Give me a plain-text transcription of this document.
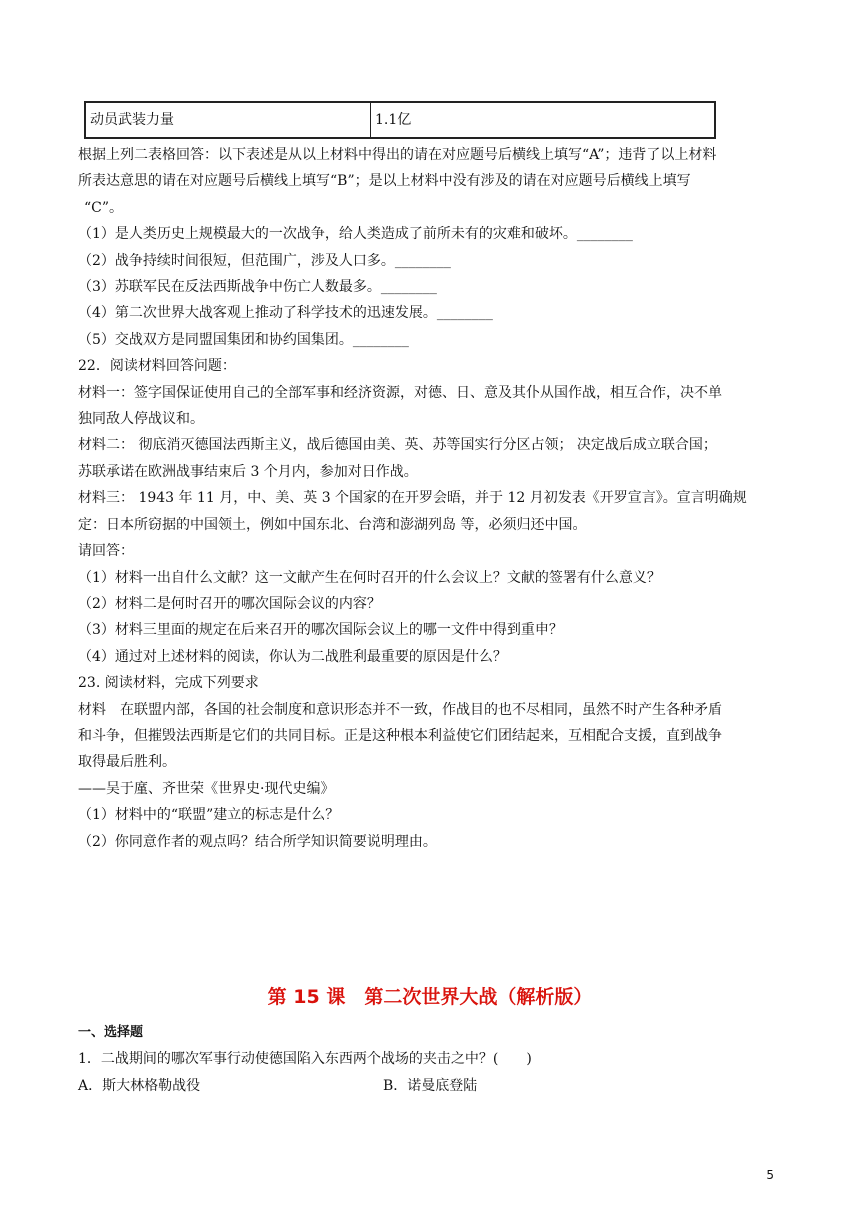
动员武装力量	1.1亿

根据上列二表格回答：以下表述是从以上材料中得出的请在对应题号后横线上填写“A”；违背了以上材料

所表达意思的请在对应题号后横线上填写“B”；是以上材料中没有涉及的请在对应题号后横线上填写

“C”。

（1）是人类历史上规模最大的一次战争，给人类造成了前所未有的灾难和破坏。________

（2）战争持续时间很短，但范围广，涉及人口多。________

（3）苏联军民在反法西斯战争中伤亡人数最多。________

（4）第二次世界大战客观上推动了科学技术的迅速发展。________

（5）交战双方是同盟国集团和协约国集团。________

22．阅读材料回答问题：

材料一：签字国保证使用自己的全部军事和经济资源，对德、日、意及其仆从国作战，相互合作，决不单

独同敌人停战议和。

材料二： 彻底消灭德国法西斯主义，战后德国由美、英、苏等国实行分区占领； 决定战后成立联合国；

苏联承诺在欧洲战事结束后 3 个月内，参加对日作战。

材料三： 1943 年 11 月，中、美、英 3 个国家的在开罗会晤，并于 12 月初发表《开罗宣言》。宣言明确规

定：日本所窃据的中国领土，例如中国东北、台湾和澎湖列岛 等，必须归还中国。

请回答：

（1）材料一出自什么文献？这一文献产生在何时召开的什么会议上？文献的签署有什么意义？

（2）材料二是何时召开的哪次国际会议的内容？

（3）材料三里面的规定在后来召开的哪次国际会议上的哪一文件中得到重申？

（4）通过对上述材料的阅读，你认为二战胜利最重要的原因是什么？

23. 阅读材料，完成下列要求

材料　在联盟内部，各国的社会制度和意识形态并不一致，作战目的也不尽相同，虽然不时产生各种矛盾

和斗争，但摧毁法西斯是它们的共同目标。正是这种根本利益使它们团结起来，互相配合支援，直到战争

取得最后胜利。

——吴于廑、齐世荣《世界史·现代史编》

（1）材料中的“联盟”建立的标志是什么？

（2）你同意作者的观点吗？结合所学知识简要说明理由。

第 15 课　第二次世界大战（解析版）

一、选择题

1．二战期间的哪次军事行动使德国陷入东西两个战场的夹击之中？(　　)

A．斯大林格勒战役	B．诺曼底登陆

5
